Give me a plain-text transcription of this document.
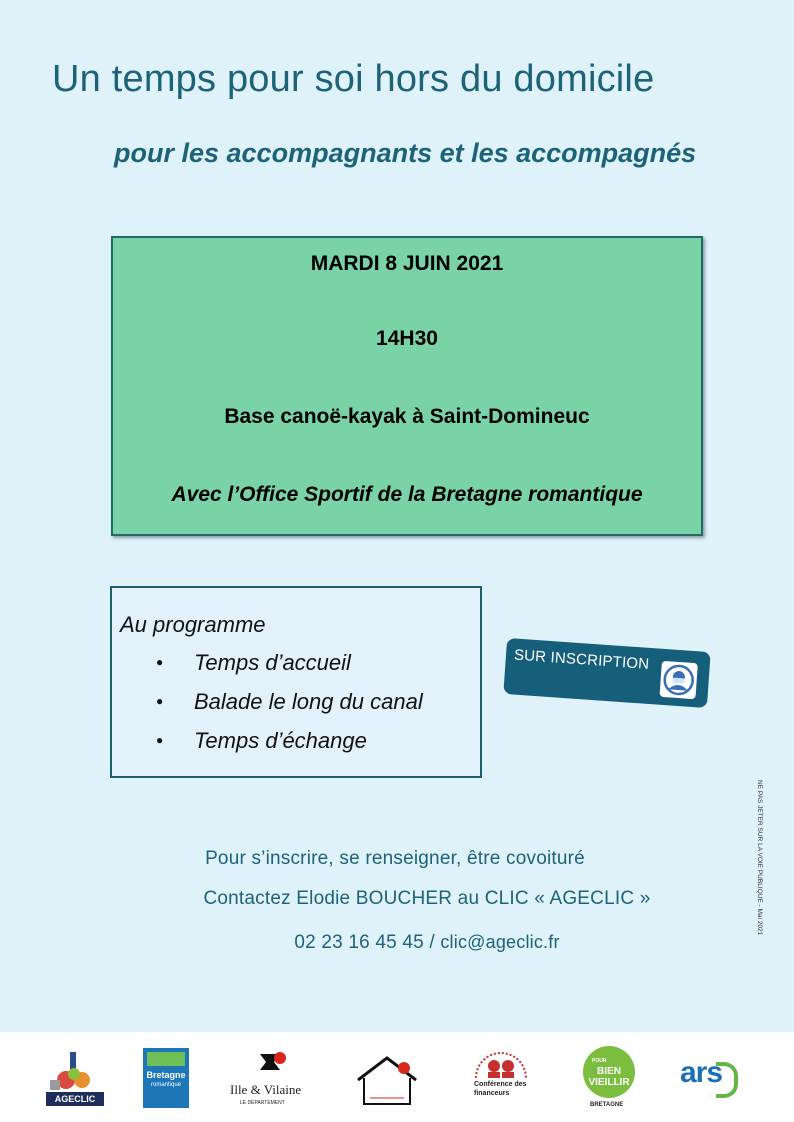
Un temps pour soi hors du domicile
pour les accompagnants et les accompagnés
MARDI 8 JUIN 2021
14H30
Base canoë-kayak à Saint-Domineuc
Avec l’Office Sportif de la Bretagne romantique
Au programme
● Temps d’accueil
● Balade le long du canal
● Temps d’échange
SUR INSCRIPTION
NE PAS JETER SUR LA VOIE PUBLIQUE - Mai 2021
Pour s’inscrire, se renseigner, être covoituré
Contactez Elodie BOUCHER au CLIC « AGECLIC »
02 23 16 45 45 / clic@ageclic.fr
AGECLIC
Bretagne
romantique	Ille & Vilaine
LE DÉPARTEMENT
Conférence des financeurs
POUR
BIEN VIEILLIR
BRETAGNE
ars
